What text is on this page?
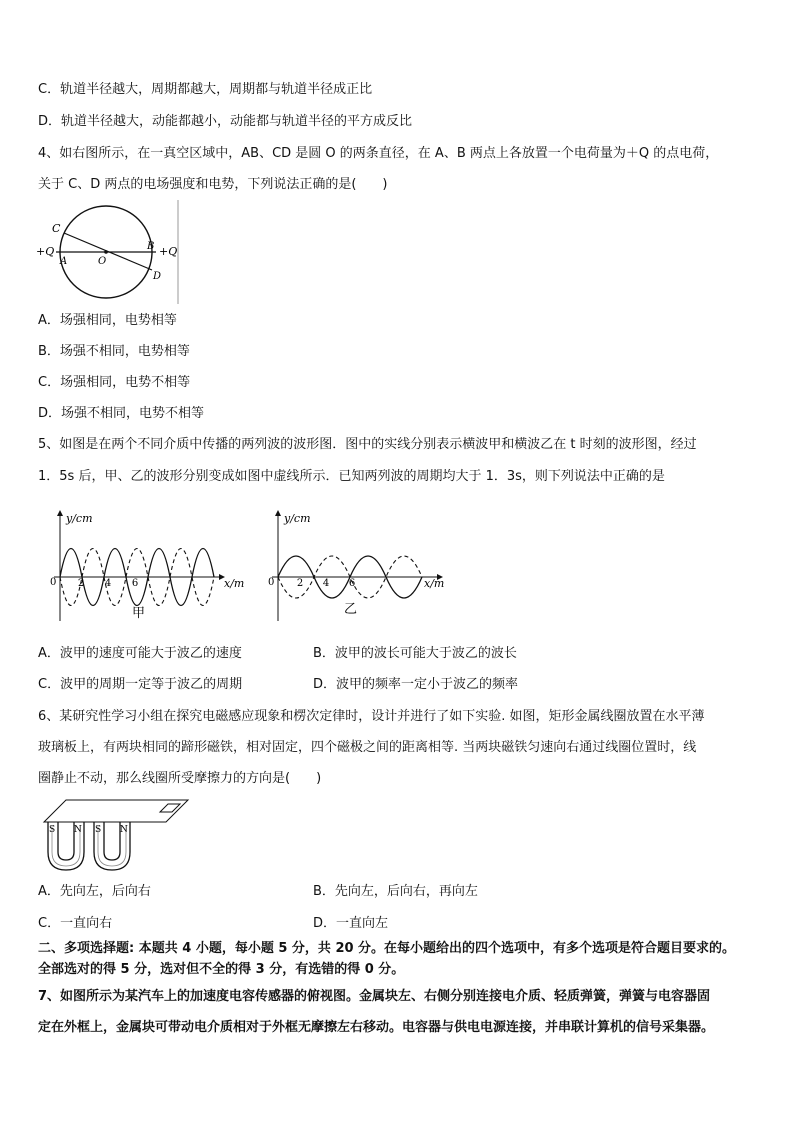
C．轨道半径越大，周期都越大，周期都与轨道半径成正比
D．轨道半径越大，动能都越小，动能都与轨道半径的平方成反比
4、如右图所示，在一真空区域中，AB、CD 是圆 O 的两条直径，在 A、B 两点上各放置一个电荷量为＋Q 的点电荷，
关于 C、D 两点的电场强度和电势，下列说法正确的是(　　)
C
+Q
A	O
B +Q
D
A．场强相同，电势相等
B．场强不相同，电势相等
C．场强相同，电势不相等
D．场强不相同，电势不相等
5、如图是在两个不同介质中传播的两列波的波形图．图中的实线分别表示横波甲和横波乙在 t 时刻的波形图，经过
1．5s 后，甲、乙的波形分别变成如图中虚线所示．已知两列波的周期均大于 1．3s，则下列说法中正确的是
y/cm
0 2 4 6	x/m
甲
y/cm
0 2 4 6	x/m
乙
A．波甲的速度可能大于波乙的速度	B．波甲的波长可能大于波乙的波长
C．波甲的周期一定等于波乙的周期	D．波甲的频率一定小于波乙的频率
6、某研究性学习小组在探究电磁感应现象和楞次定律时，设计并进行了如下实验. 如图，矩形金属线圈放置在水平薄
玻璃板上，有两块相同的蹄形磁铁，相对固定，四个磁极之间的距离相等. 当两块磁铁匀速向右通过线圈位置时，线
圈静止不动，那么线圈所受摩擦力的方向是(　　)
S N S N
A．先向左，后向右	B．先向左，后向右，再向左
C．一直向右	D．一直向左
二、多项选择题: 本题共 4 小题，每小题 5 分，共 20 分。在每小题给出的四个选项中，有多个选项是符合题目要求的。
全部选对的得 5 分，选对但不全的得 3 分，有选错的得 0 分。
7、如图所示为某汽车上的加速度电容传感器的俯视图。金属块左、右侧分别连接电介质、轻质弹簧，弹簧与电容器固
定在外框上，金属块可带动电介质相对于外框无摩擦左右移动。电容器与供电电源连接，并串联计算机的信号采集器。
